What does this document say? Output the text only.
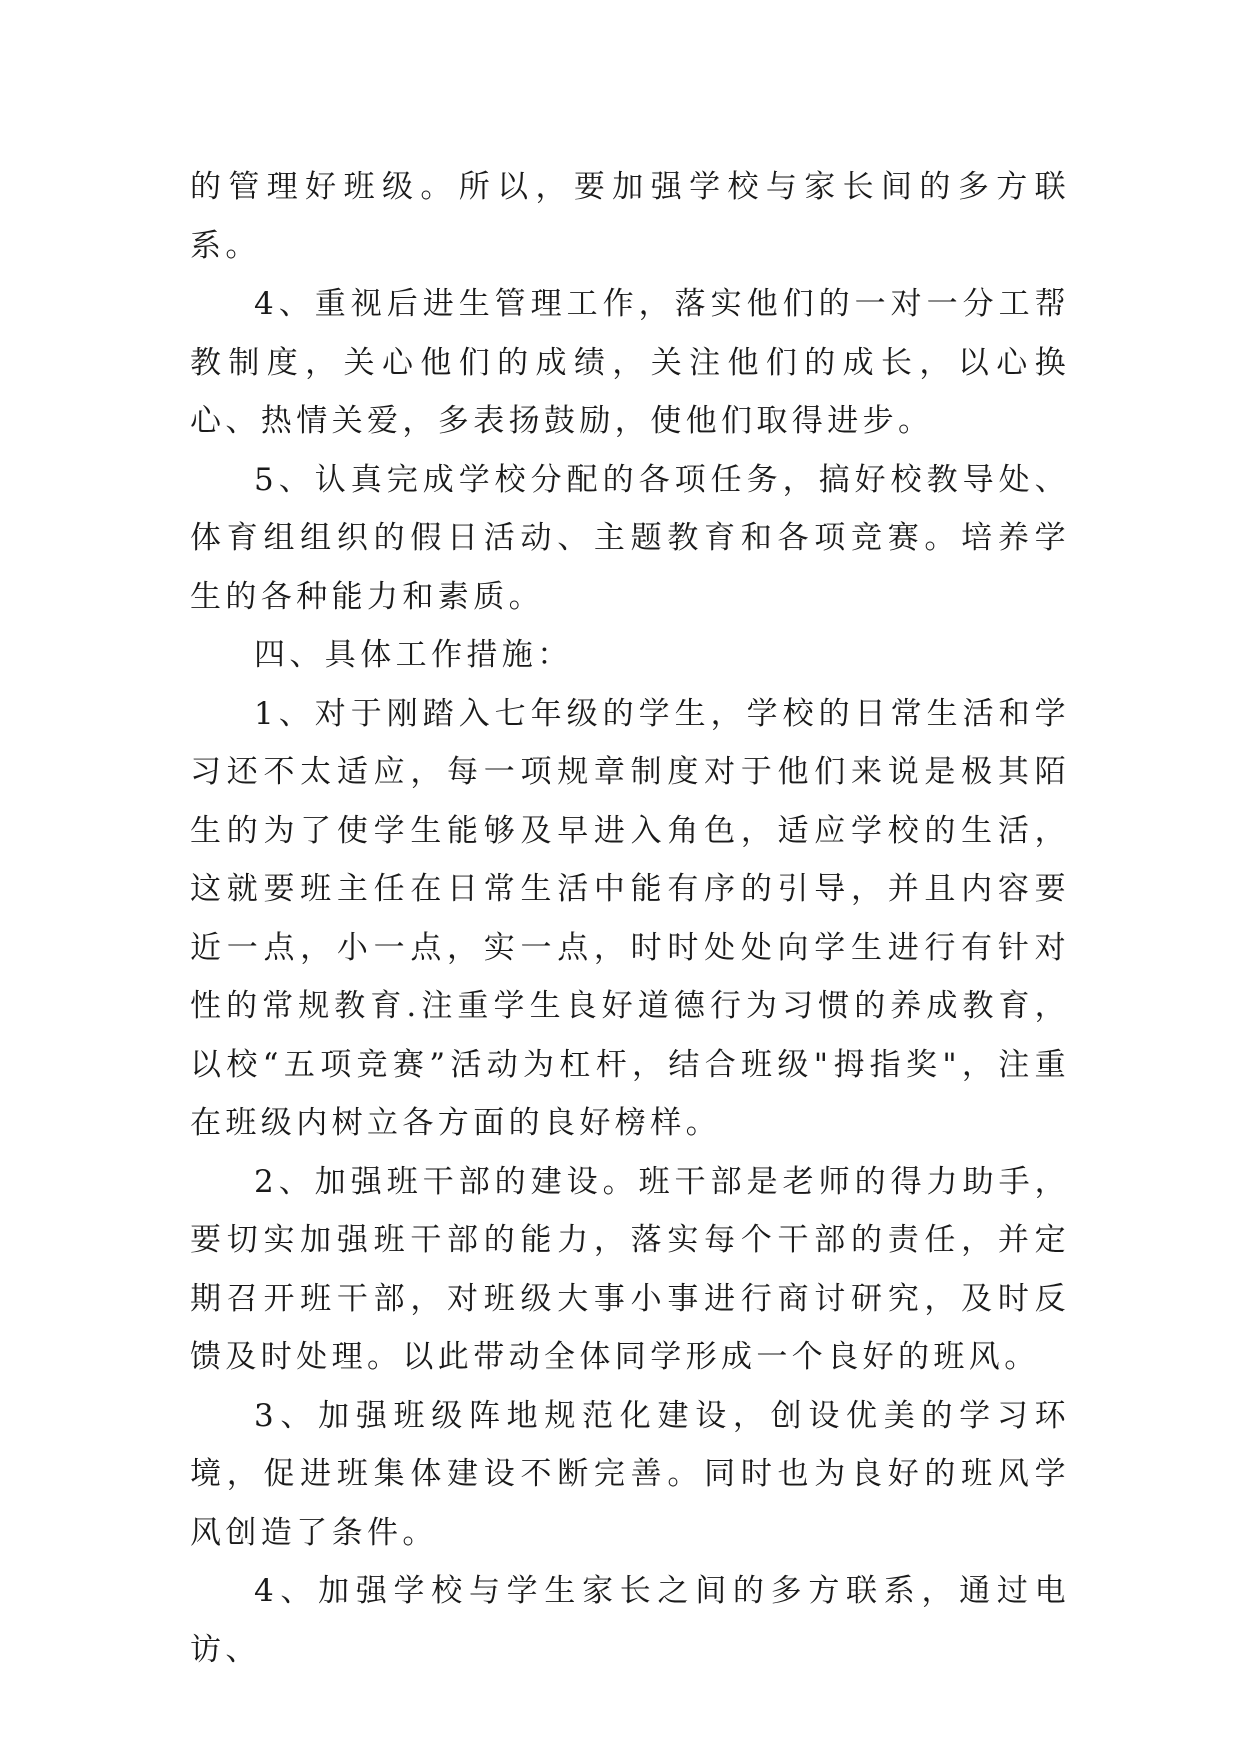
的管理好班级。所以，要加强学校与家长间的多方联系。

4、重视后进生管理工作，落实他们的一对一分工帮教制度，关心他们的成绩，关注他们的成长，以心换心、热情关爱，多表扬鼓励，使他们取得进步。

5、认真完成学校分配的各项任务，搞好校教导处、体育组组织的假日活动、主题教育和各项竞赛。培养学生的各种能力和素质。

四、具体工作措施：

1、对于刚踏入七年级的学生，学校的日常生活和学习还不太适应，每一项规章制度对于他们来说是极其陌生的为了使学生能够及早进入角色，适应学校的生活，这就要班主任在日常生活中能有序的引导，并且内容要近一点，小一点，实一点，时时处处向学生进行有针对性的常规教育.注重学生良好道德行为习惯的养成教育，以校“五项竞赛”活动为杠杆，结合班级"拇指奖"，注重在班级内树立各方面的良好榜样。

2、加强班干部的建设。班干部是老师的得力助手，要切实加强班干部的能力，落实每个干部的责任，并定期召开班干部，对班级大事小事进行商讨研究，及时反馈及时处理。以此带动全体同学形成一个良好的班风。

3、加强班级阵地规范化建设，创设优美的学习环境，促进班集体建设不断完善。同时也为良好的班风学风创造了条件。

4、加强学校与学生家长之间的多方联系，通过电访、
